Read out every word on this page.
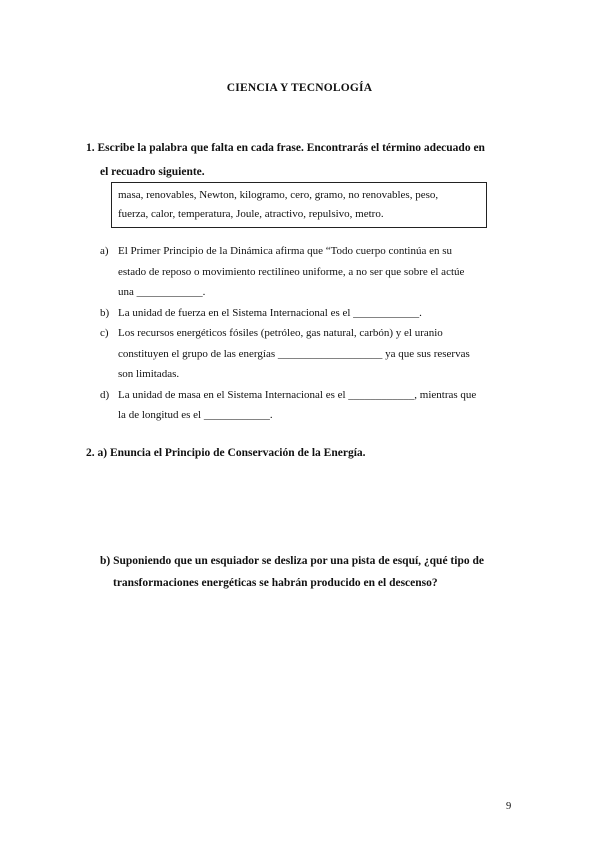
CIENCIA Y TECNOLOGÍA
1. Escribe la palabra que falta en cada frase. Encontrarás el término adecuado en
el recuadro siguiente.
masa, renovables, Newton, kilogramo, cero, gramo, no renovables, peso,
fuerza, calor, temperatura, Joule, atractivo, repulsivo, metro.
a) El Primer Principio de la Dinámica afirma que “Todo cuerpo continúa en su
estado de reposo o movimiento rectilíneo uniforme, a no ser que sobre el actúe
una ____________.
b) La unidad de fuerza en el Sistema Internacional es el ____________.
c) Los recursos energéticos fósiles (petróleo, gas natural, carbón) y el uranio
constituyen el grupo de las energías ___________________ ya que sus reservas
son limitadas.
d) La unidad de masa en el Sistema Internacional es el ____________, mientras que
la de longitud es el ____________.
2. a) Enuncia el Principio de Conservación de la Energía.
b) Suponiendo que un esquiador se desliza por una pista de esquí, ¿qué tipo de
transformaciones energéticas se habrán producido en el descenso?
9
